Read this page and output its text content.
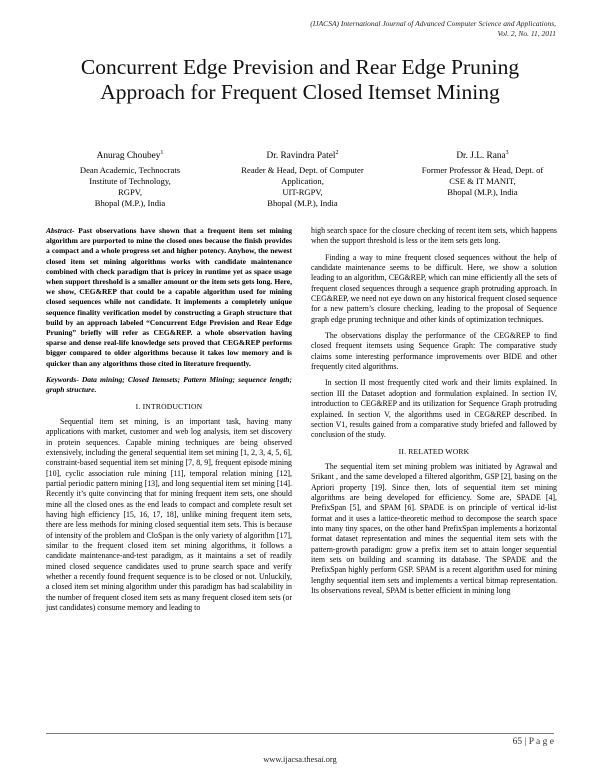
(IJACSA) International Journal of Advanced Computer Science and Applications,
Vol. 2, No. 11, 2011
Concurrent Edge Prevision and Rear Edge Pruning
Approach for Frequent Closed Itemset Mining
Anurag Choubey$^1$
Dean Academic, Technocrats
Institute of Technology,
RGPV,
Bhopal (M.P.), India
Dr. Ravindra Patel$^2$
Reader & Head, Dept. of Computer
Application,
UIT-RGPV,
Bhopal (M.P.), India
Dr. J.L. Rana$^3$
Former Professor & Head, Dept. of
CSE & IT MANIT,
Bhopal (M.P.), India

Abstract- Past observations have shown that a frequent item set mining algorithm are purported to mine the closed ones because the finish provides a compact and a whole progress set and higher potency. Anyhow, the newest closed item set mining algorithms works with candidate maintenance combined with check paradigm that is pricey in runtime yet as space usage when support threshold is a smaller amount or the item sets gets long. Here, we show, CEG&REP that could be a capable algorithm used for mining closed sequences while not candidate. It implements a completely unique sequence finality verification model by constructing a Graph structure that build by an approach labeled “Concurrent Edge Prevision and Rear Edge Pruning” briefly will refer as CEG&REP. a whole observation having sparse and dense real-life knowledge sets proved that CEG&REP performs bigger compared to older algorithms because it takes low memory and is quicker than any algorithms those cited in literature frequently.

Keywords- Data mining; Closed Itemsets; Pattern Mining; sequence length; graph structure.

I. INTRODUCTION

Sequential item set mining, is an important task, having many applications with market, customer and web log analysis, item set discovery in protein sequences. Capable mining techniques are being observed extensively, including the general sequential item set mining [1, 2, 3, 4, 5, 6], constraint-based sequential item set mining [7, 8, 9], frequent episode mining [10], cyclic association rule mining [11], temporal relation mining [12], partial periodic pattern mining [13], and long sequential item set mining [14]. Recently it’s quite convincing that for mining frequent item sets, one should mine all the closed ones as the end leads to compact and complete result set having high efficiency [15, 16, 17, 18], unlike mining frequent item sets, there are less methods for mining closed sequential item sets. This is because of intensity of the problem and CloSpan is the only variety of algorithm [17], similar to the frequent closed item set mining algorithms, it follows a candidate maintenance-and-test paradigm, as it maintains a set of readily mined closed sequence candidates used to prune search space and verify whether a recently found frequent sequence is to be closed or not. Unluckily, a closed item set mining algorithm under this paradigm has bad scalability in the number of frequent closed item sets as many frequent closed item sets (or just candidates) consume memory and leading to

high search space for the closure checking of recent item sets, which happens when the support threshold is less or the item sets gets long.

Finding a way to mine frequent closed sequences without the help of candidate maintenance seems to be difficult. Here, we show a solution leading to an algorithm, CEG&REP, which can mine efficiently all the sets of frequent closed sequences through a sequence graph protruding approach. In CEG&REP, we need not eye down on any historical frequent closed sequence for a new pattern’s closure checking, leading to the proposal of Sequence graph edge pruning technique and other kinds of optimization techniques.

The observations display the performance of the CEG&REP to find closed frequent itemsets using Sequence Graph: The comparative study claims some interesting performance improvements over BIDE and other frequently cited algorithms.

In section II most frequently cited work and their limits explained. In section III the Dataset adoption and formulation explained. In section IV, introduction to CEG&REP and its utilization for Sequence Graph protruding explained. In section V, the algorithms used in CEG&REP described. In section V1, results gained from a comparative study briefed and fallowed by conclusion of the study.

II. RELATED WORK

The sequential item set mining problem was initiated by Agrawal and Srikant , and the same developed a filtered algorithm, GSP [2], basing on the Apriori property [19]. Since then, lots of sequential item set mining algorithms are being developed for efficiency. Some are, SPADE [4], PrefixSpan [5], and SPAM [6]. SPADE is on principle of vertical id-list format and it uses a lattice-theoretic method to decompose the search space into many tiny spaces, on the other hand PrefixSpan implements a horizontal format dataset representation and mines the sequential item sets with the pattern-growth paradigm: grow a prefix item set to attain longer sequential item sets on building and scanning its database. The SPADE and the PrefixSpan highly perform GSP. SPAM is a recent algorithm used for mining lengthy sequential item sets and implements a vertical bitmap representation. Its observations reveal, SPAM is better efficient in mining long

65 | P a g e
www.ijacsa.thesai.org
